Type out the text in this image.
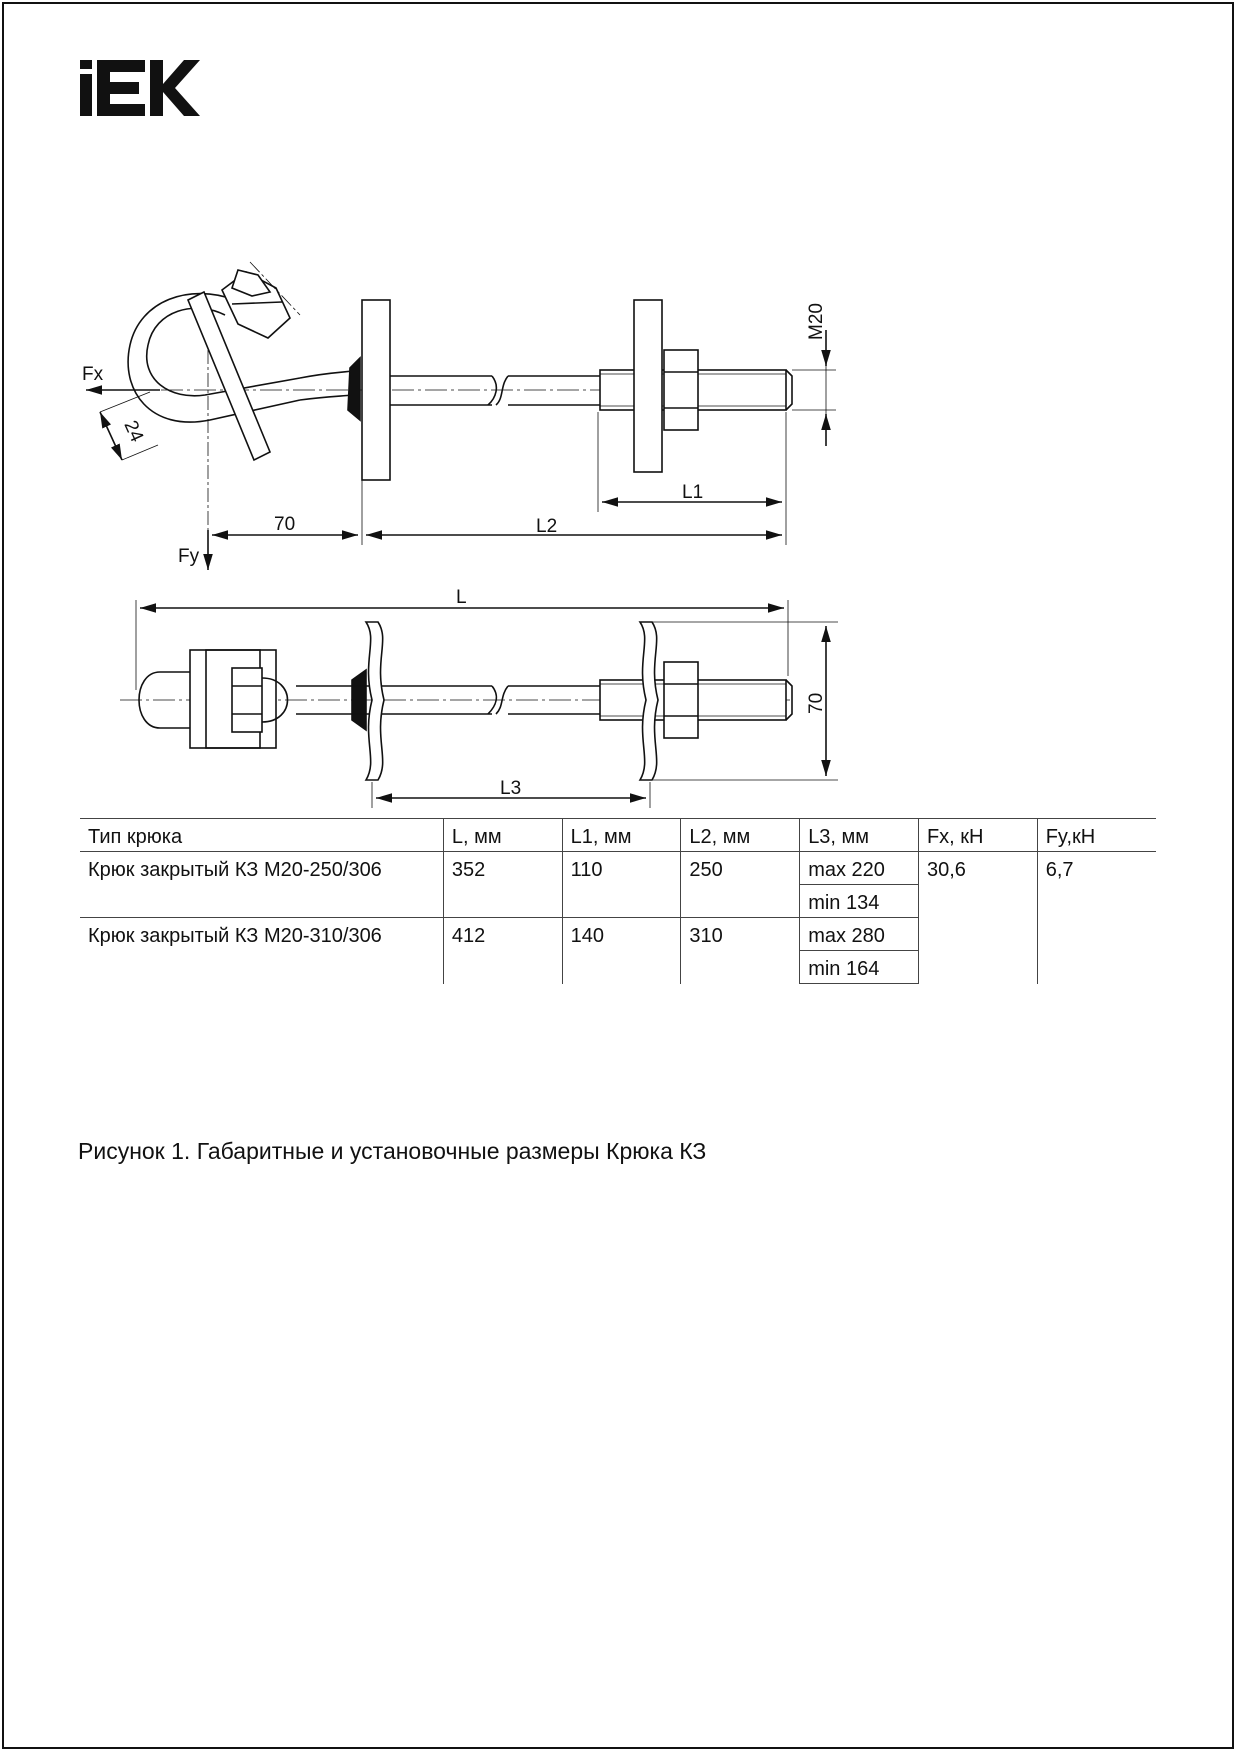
Fx
Fy
24
70	L2
L1
M20
L
70
L3
Тип крюка	L, мм	L1, мм	L2, мм	L3, мм	Fx, кН	Fy,кН
Крюк закрытый КЗ М20-250/306	352	110	250	max 220	30,6	6,7
				min 134		
Крюк закрытый КЗ М20-310/306	412	140	310	max 280		
				min 164		
Рисунок 1. Габаритные и установочные размеры Крюка КЗ
